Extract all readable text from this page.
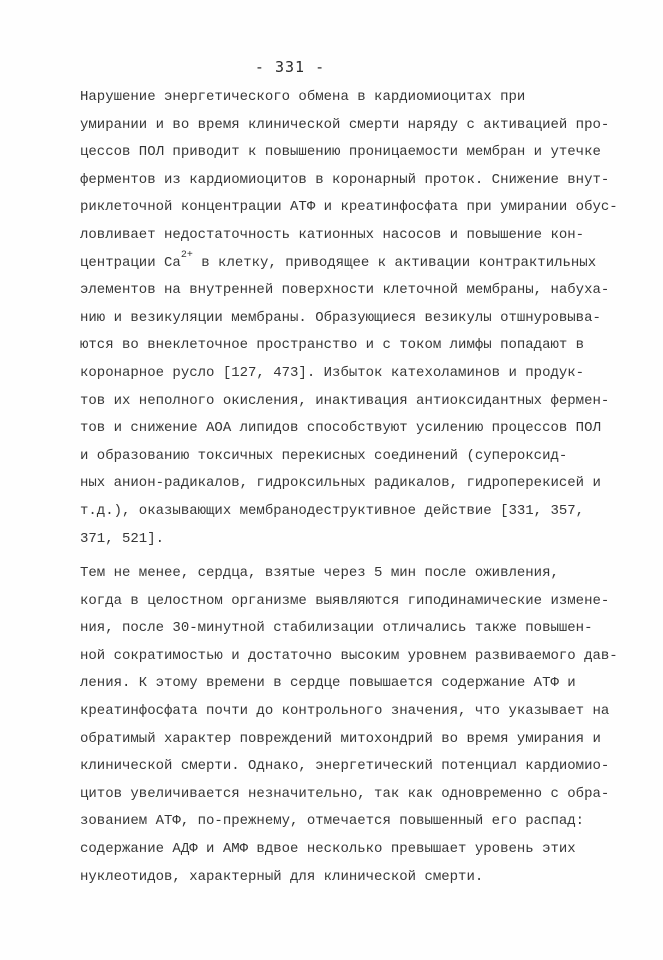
- 331 -
Нарушение энергетического обмена в кардиомиоцитах при
умирании и во время клинической смерти наряду с активацией про-
цессов ПОЛ приводит к повышению проницаемости мембран и утечке
ферментов из кардиомиоцитов в коронарный проток. Снижение внут-
риклеточной концентрации АТФ и креатинфосфата при умирании обус-
ловливает недостаточность катионных насосов и повышение кон-
центрации $Ca^{2+}$ в клетку, приводящее к активации контрактильных
элементов на внутренней поверхности клеточной мембраны, набуха-
нию и везикуляции мембраны. Образующиеся везикулы отшнуровыва-
ются во внеклеточное пространство и с током лимфы попадают в
коронарное русло [127, 473]. Избыток катехоламинов и продук-
тов их неполного окисления, инактивация антиоксидантных фермен-
тов и снижение АОА липидов способствуют усилению процессов ПОЛ
и образованию токсичных перекисных соединений (супероксид-
ных анион-радикалов, гидроксильных радикалов, гидроперекисей и
т.д.), оказывающих мембранодеструктивное действие [331, 357,
371, 521].
Тем не менее, сердца, взятые через 5 мин после оживления,
когда в целостном организме выявляются гиподинамические измене-
ния, после 30-минутной стабилизации отличались также повышен-
ной сократимостью и достаточно высоким уровнем развиваемого дав-
ления. К этому времени в сердце повышается содержание АТФ и
креатинфосфата почти до контрольного значения, что указывает на
обратимый характер повреждений митохондрий во время умирания и
клинической смерти. Однако, энергетический потенциал кардиомио-
цитов увеличивается незначительно, так как одновременно с обра-
зованием АТФ, по-прежнему, отмечается повышенный его распад:
содержание АДФ и АМФ вдвое несколько превышает уровень этих
нуклеотидов, характерный для клинической смерти.
